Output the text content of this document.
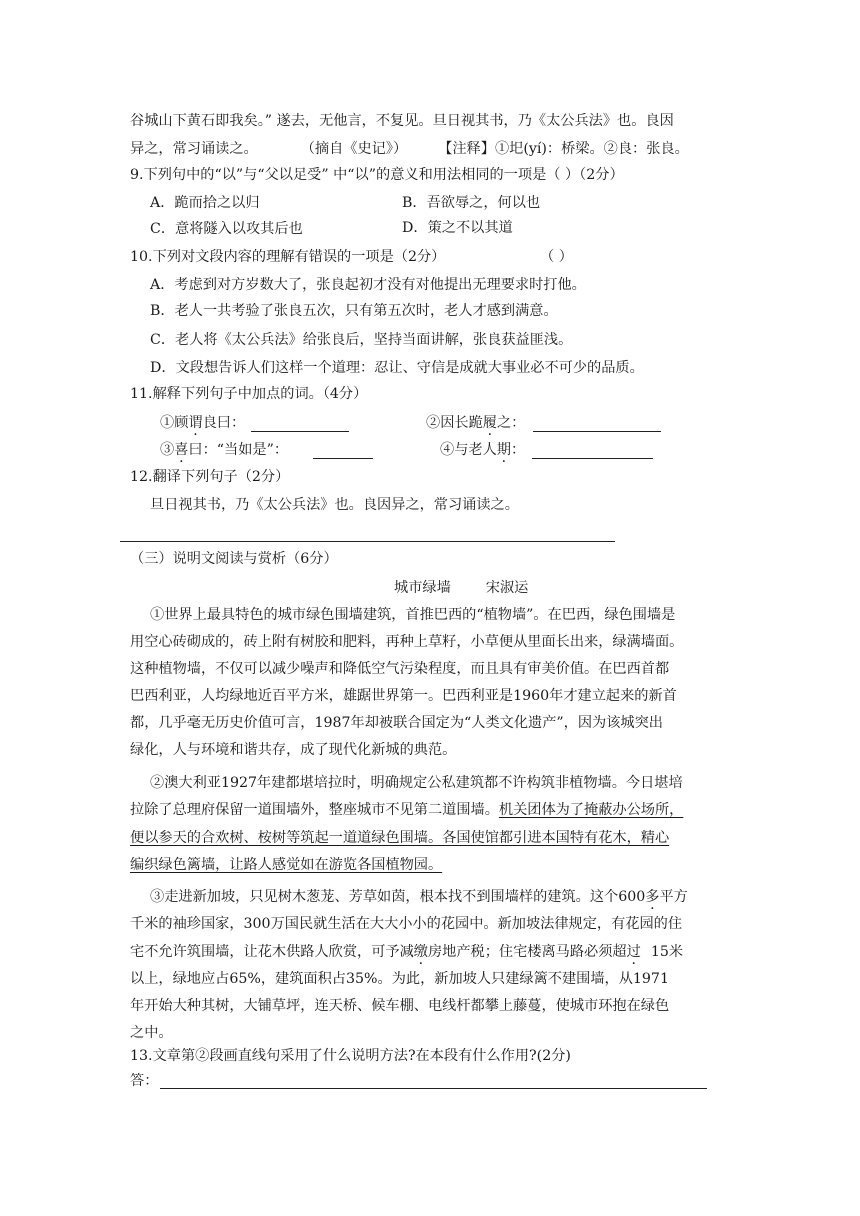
谷城山下黄石即我矣。” 遂去，无他言，不复见。旦日视其书，乃《太公兵法》也。良因
异之，常习诵读之。	（摘自《史记》） 【注释】①圯(yí)：桥梁。②良：张良。
9.下列句中的“以”与“父以足受” 中“以”的意义和用法相同的一项是（ ）（2分）
A．跪而拾之以归	B．吾欲辱之，何以也
C．意将隧入以攻其后也	D．策之不以其道
10.下列对文段内容的理解有错误的一项是（2分）	（ ）
A．考虑到对方岁数大了，张良起初才没有对他提出无理要求时打他。
B．老人一共考验了张良五次，只有第五次时，老人才感到满意。
C．老人将《太公兵法》给张良后，坚持当面讲解，张良获益匪浅。
D．文段想告诉人们这样一个道理：忍让、守信是成就大事业必不可少的品质。
11.解释下列句子中加点的词。（4分）
①顾谓良曰：	②因长跪履之：
③喜曰：“当如是”：	④与老人期：
12.翻译下列句子（2分）
旦日视其书，乃《太公兵法》也。良因异之，常习诵读之。
（三）说明文阅读与赏析（6分）
城市绿墙 宋淑运
①世界上最具特色的城市绿色围墙建筑，首推巴西的“植物墙”。在巴西，绿色围墙是
用空心砖砌成的，砖上附有树胶和肥料，再种上草籽，小草便从里面长出来，绿满墙面。
这种植物墙，不仅可以减少噪声和降低空气污染程度，而且具有审美价值。在巴西首都
巴西利亚，人均绿地近百平方米，雄踞世界第一。巴西利亚是1960年才建立起来的新首
都，几乎毫无历史价值可言，1987年却被联合国定为“人类文化遗产”，因为该城突出
绿化，人与环境和谐共存，成了现代化新城的典范。
②澳大利亚1927年建都堪培拉时，明确规定公私建筑都不许构筑非植物墙。今日堪培
拉除了总理府保留一道围墙外，整座城市不见第二道围墙。机关团体为了掩蔽办公场所，
便以参天的合欢树、桉树等筑起一道道绿色围墙。各国使馆都引进本国特有花木，精心
编织绿色篱墙，让路人感觉如在游览各国植物园。
③走进新加坡，只见树木葱茏、芳草如茵，根本找不到围墙样的建筑。这个600多平方
千米的袖珍国家，300万国民就生活在大大小小的花园中。新加坡法律规定，有花园的住
宅不允许筑围墙，让花木供路人欣赏，可予减缴房地产税；住宅楼离马路必须超过 15米
以上，绿地应占65%，建筑面积占35%。为此，新加坡人只建绿篱不建围墙，从1971
年开始大种其树，大铺草坪，连天桥、候车棚、电线杆都攀上藤蔓，使城市环抱在绿色
之中。
13.文章第②段画直线句采用了什么说明方法?在本段有什么作用?(2分)
答：
